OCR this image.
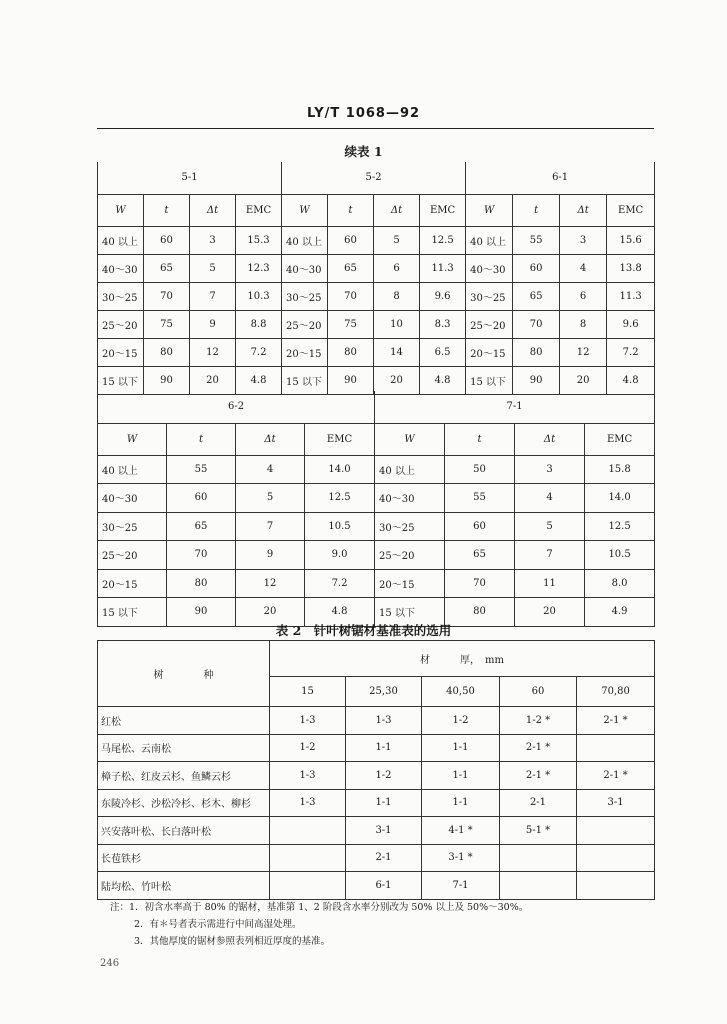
LY/T 1068—92
续表 1
5-1				5-2				6-1			
W	t	Δt	EMC	W	t	Δt	EMC	W	t	Δt	EMC
40 以上	60	3	15.3	40 以上	60	5	12.5	40 以上	55	3	15.6
40～30	65	5	12.3	40～30	65	6	11.3	40～30	60	4	13.8
30～25	70	7	10.3	30～25	70	8	9.6	30～25	65	6	11.3
25～20	75	9	8.8	25～20	75	10	8.3	25～20	70	8	9.6
20～15	80	12	7.2	20～15	80	14	6.5	20～15	80	12	7.2
15 以下	90	20	4.8	15 以下	90	20	4.8	15 以下	90	20	4.8
6-2				7-1			
W	t	Δt	EMC	W	t	Δt	EMC
40 以上	55	4	14.0	40 以上	50	3	15.8
40～30	60	5	12.5	40～30	55	4	14.0
30～25	65	7	10.5	30～25	60	5	12.5
25～20	70	9	9.0	25～20	65	7	10.5
20～15	80	12	7.2	20～15	70	11	8.0
15 以下	90	20	4.8	15 以下	80	20	4.9
表 2　针叶树锯材基准表的选用
树　　　　种	材　　　厚，　mm				
	15	25,30	40,50	60	70,80
红松	1-3	1-3	1-2	1-2 *	2-1 *
马尾松、云南松	1-2	1-1	1-1	2-1 *	
樟子松、红皮云杉、鱼鳞云杉	1-3	1-2	1-1	2-1 *	2-1 *
东陵冷杉、沙松冷杉、杉木、柳杉	1-3	1-1	1-1	2-1	3-1
兴安落叶松、长白落叶松		3-1	4-1 *	5-1 *	
长苞铁杉		2-1	3-1 *		
陆均松、竹叶松		6-1	7-1		
注：1．初含水率高于 80% 的锯材，基准第 1、2 阶段含水率分别改为 50% 以上及 50%～30%。
2．有＊号者表示需进行中间高湿处理。
3．其他厚度的锯材参照表列相近厚度的基准。
246
